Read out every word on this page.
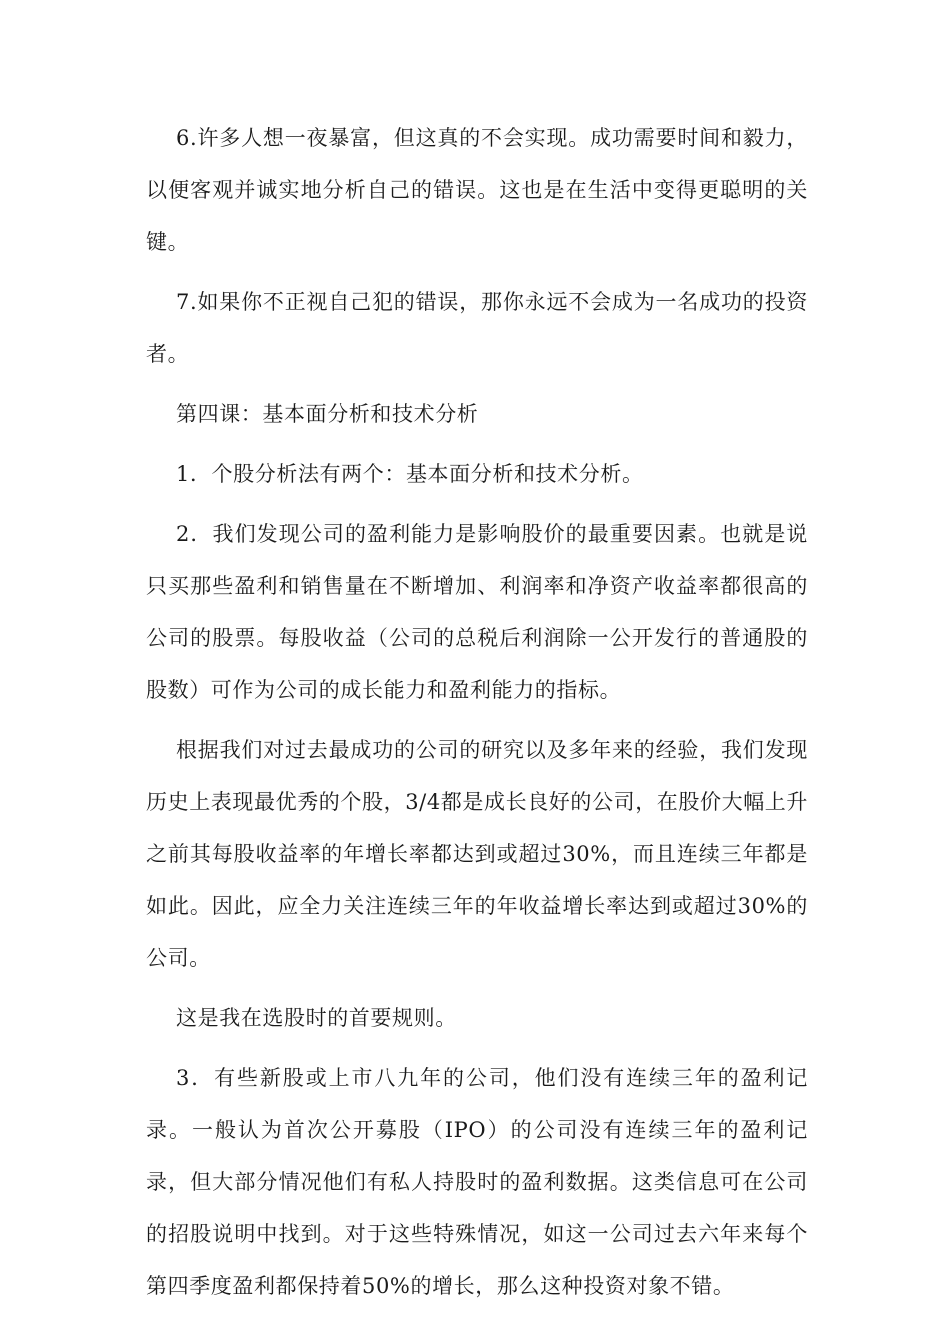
6.许多人想一夜暴富，但这真的不会实现。成功需要时间和毅力，以便客观并诚实地分析自己的错误。这也是在生活中变得更聪明的关键。

7.如果你不正视自己犯的错误，那你永远不会成为一名成功的投资者。

第四课：基本面分析和技术分析

1．个股分析法有两个：基本面分析和技术分析。

2．我们发现公司的盈利能力是影响股价的最重要因素。也就是说只买那些盈利和销售量在不断增加、利润率和净资产收益率都很高的公司的股票。每股收益（公司的总税后利润除一公开发行的普通股的股数）可作为公司的成长能力和盈利能力的指标。

根据我们对过去最成功的公司的研究以及多年来的经验，我们发现历史上表现最优秀的个股，3/4都是成长良好的公司，在股价大幅上升之前其每股收益率的年增长率都达到或超过30%，而且连续三年都是如此。因此，应全力关注连续三年的年收益增长率达到或超过30%的公司。

这是我在选股时的首要规则。

3．有些新股或上市八九年的公司，他们没有连续三年的盈利记录。一般认为首次公开募股（IPO）的公司没有连续三年的盈利记录，但大部分情况他们有私人持股时的盈利数据。这类信息可在公司的招股说明中找到。对于这些特殊情况，如这一公司过去六年来每个第四季度盈利都保持着50%的增长，那么这种投资对象不错。
